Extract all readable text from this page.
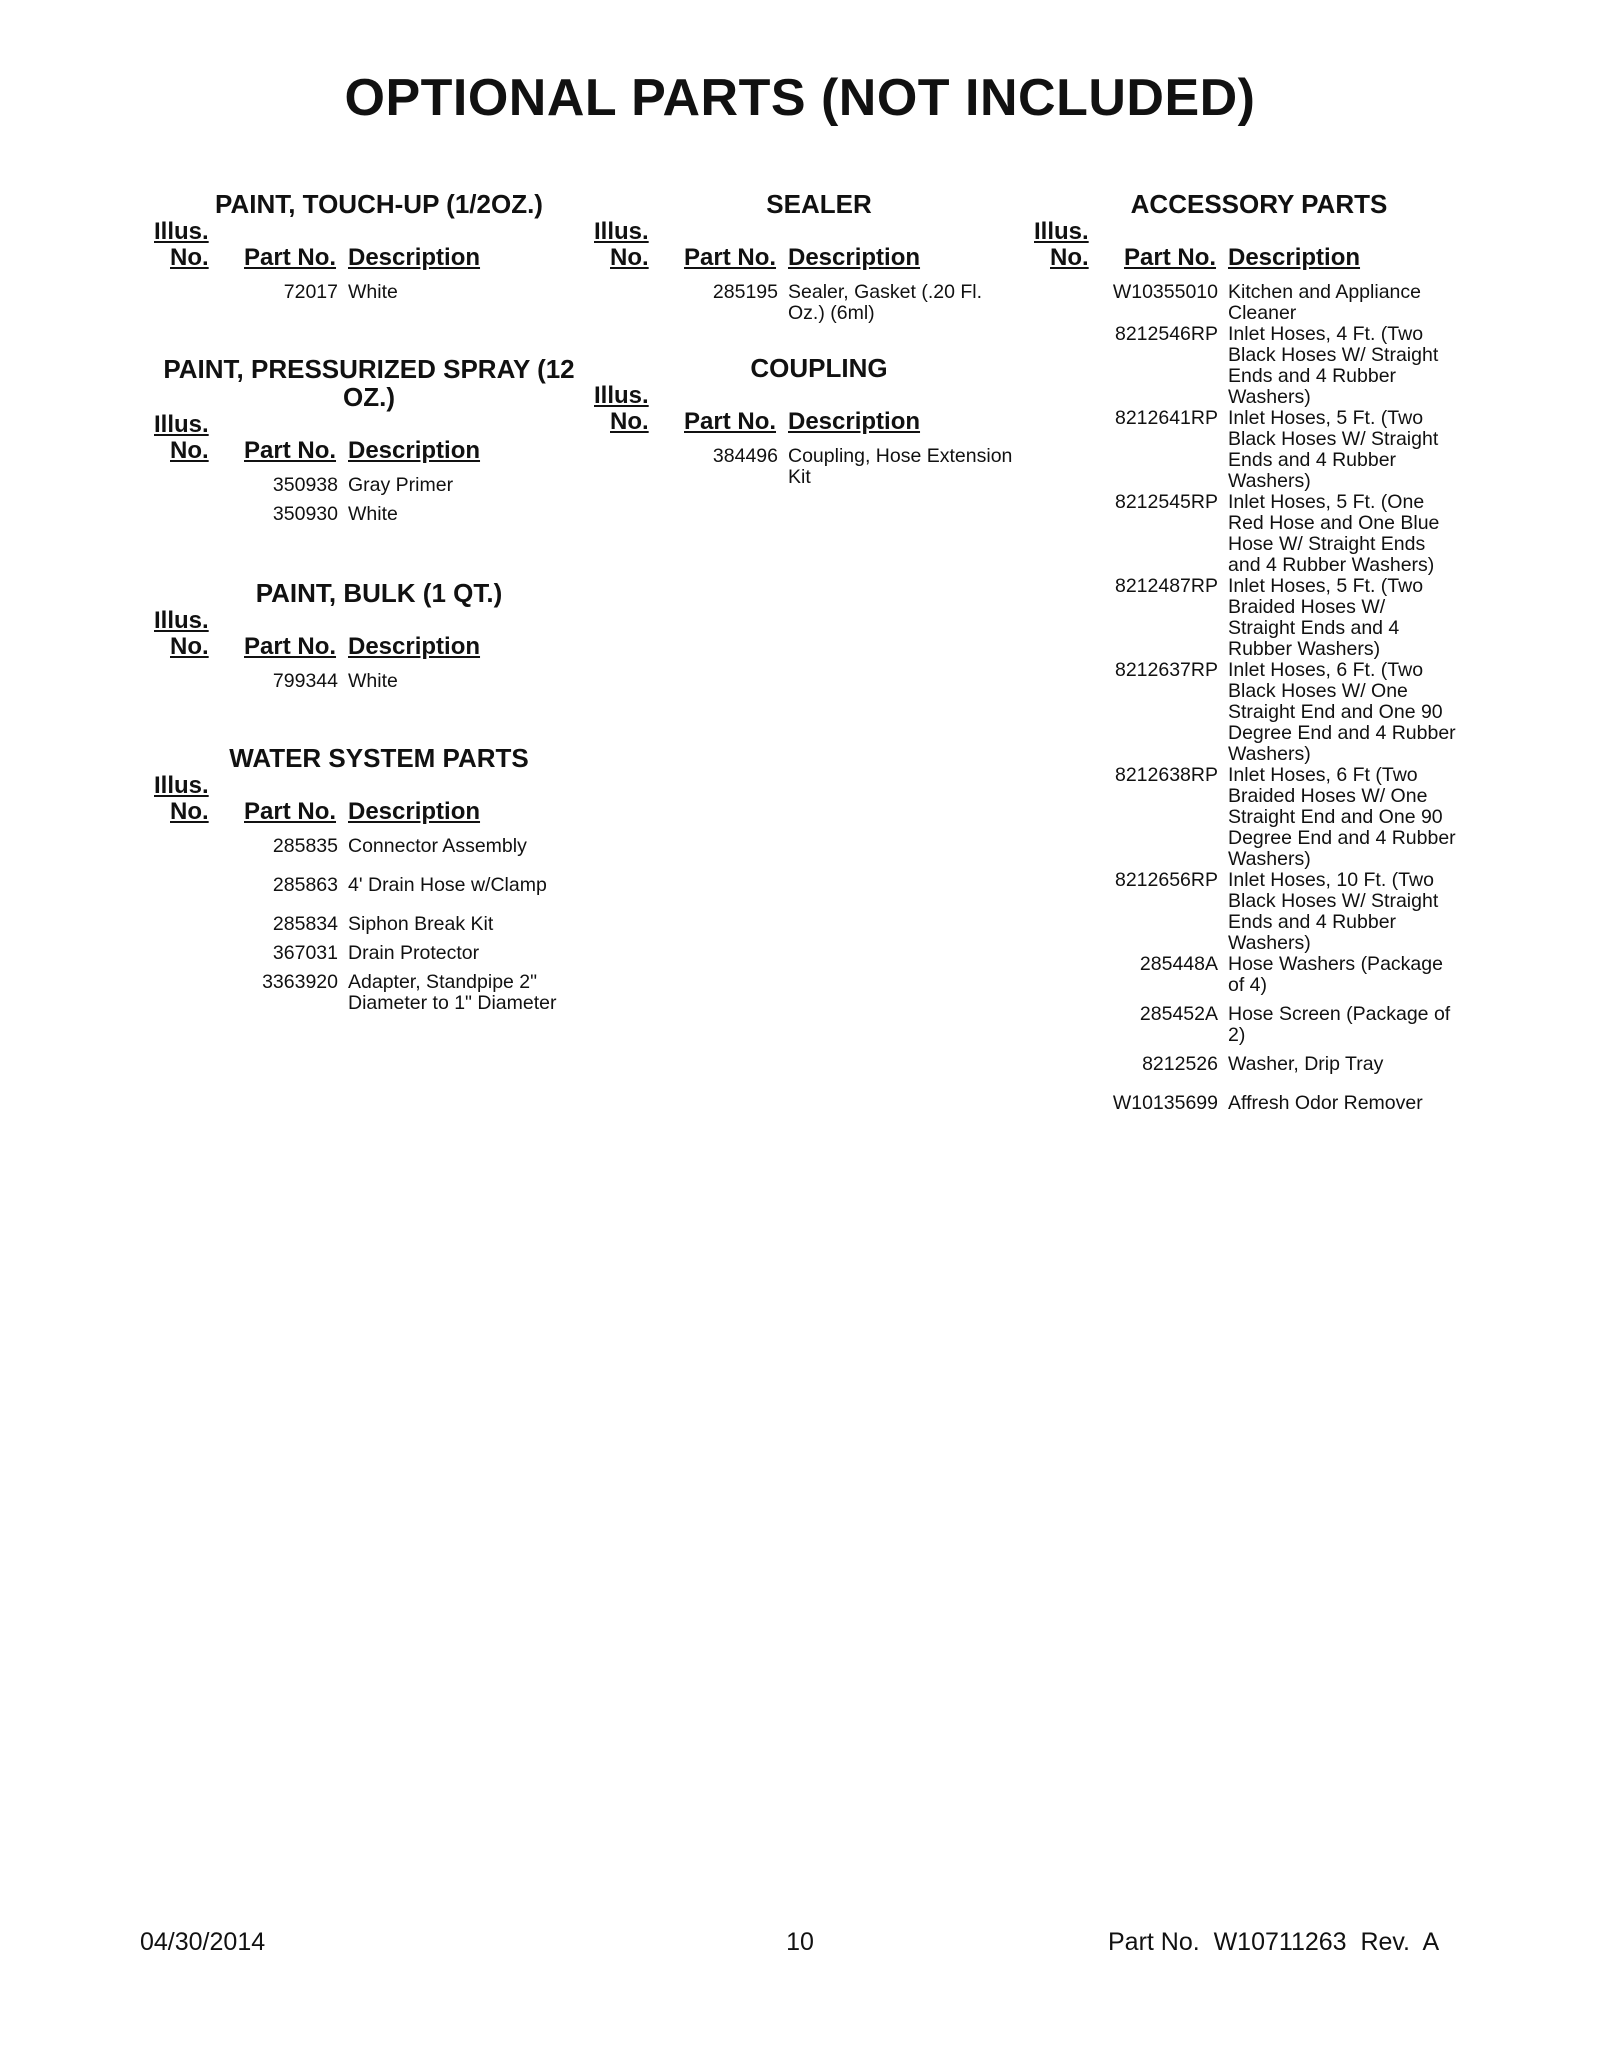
OPTIONAL PARTS (NOT INCLUDED)
PAINT, TOUCH-UP (1/2OZ.)
Illus.
No. Part No. Description
72017 White
PAINT, PRESSURIZED SPRAY (12 OZ.)
Illus.
No. Part No. Description
350938 Gray Primer
350930 White
PAINT, BULK (1 QT.)
Illus.
No. Part No. Description
799344 White
WATER SYSTEM PARTS
Illus.
No. Part No. Description
285835 Connector Assembly
285863 4' Drain Hose w/Clamp
285834 Siphon Break Kit
367031 Drain Protector
3363920 Adapter, Standpipe 2" Diameter to 1" Diameter
SEALER
Illus.
No. Part No. Description
285195 Sealer, Gasket (.20 Fl. Oz.) (6ml)
COUPLING
Illus.
No. Part No. Description
384496 Coupling, Hose Extension Kit
ACCESSORY PARTS
Illus.
No. Part No. Description
W10355010 Kitchen and Appliance Cleaner
8212546RP Inlet Hoses, 4 Ft. (Two Black Hoses W/ Straight Ends and 4 Rubber Washers)
8212641RP Inlet Hoses, 5 Ft. (Two Black Hoses W/ Straight Ends and 4 Rubber Washers)
8212545RP Inlet Hoses, 5 Ft. (One Red Hose and One Blue Hose W/ Straight Ends and 4 Rubber Washers)
8212487RP Inlet Hoses, 5 Ft. (Two Braided Hoses W/ Straight Ends and 4 Rubber Washers)
8212637RP Inlet Hoses, 6 Ft. (Two Black Hoses W/ One Straight End and One 90 Degree End and 4 Rubber Washers)
8212638RP Inlet Hoses, 6 Ft (Two Braided Hoses W/ One Straight End and One 90 Degree End and 4 Rubber Washers)
8212656RP Inlet Hoses, 10 Ft. (Two Black Hoses W/ Straight Ends and 4 Rubber Washers)
285448A Hose Washers (Package of 4)
285452A Hose Screen (Package of 2)
8212526 Washer, Drip Tray
W10135699 Affresh Odor Remover
04/30/2014	10	Part No.  W10711263  Rev.  A
